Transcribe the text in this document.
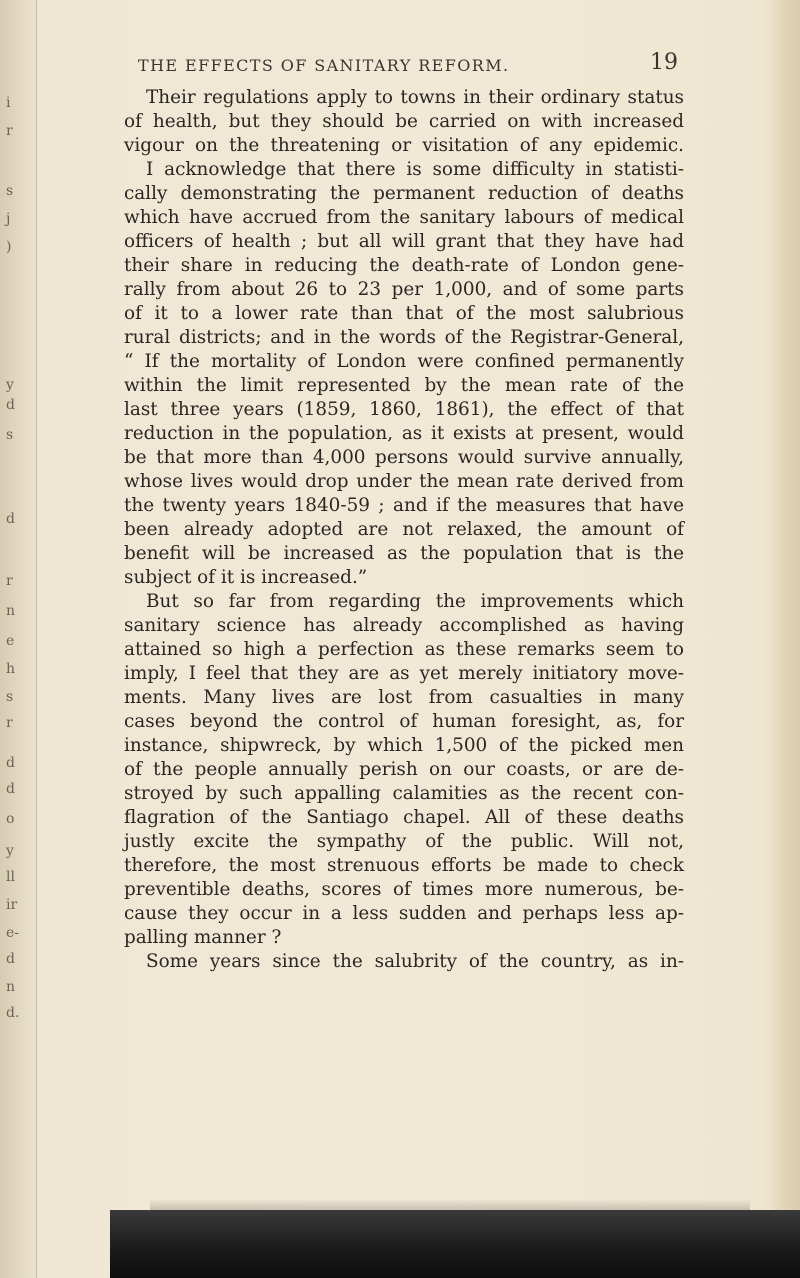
i
r
s
j
)
y
d
s
d
r
n
e
h
s
r
d
d
o
y
ll
ir
e-
d
n
d.
THE EFFECTS OF SANITARY REFORM.	19
Their regulations apply to towns in their ordinary status
of health, but they should be carried on with increased
vigour on the threatening or visitation of any epidemic.
I acknowledge that there is some difficulty in statisti-
cally demonstrating the permanent reduction of deaths
which have accrued from the sanitary labours of medical
officers of health ; but all will grant that they have had
their share in reducing the death-rate of London gene-
rally from about 26 to 23 per 1,000, and of some parts
of it to a lower rate than that of the most salubrious
rural districts; and in the words of the Registrar-General,
“ If the mortality of London were confined permanently
within the limit represented by the mean rate of the
last three years (1859, 1860, 1861), the effect of that
reduction in the population, as it exists at present, would
be that more than 4,000 persons would survive annually,
whose lives would drop under the mean rate derived from
the twenty years 1840-59 ; and if the measures that have
been already adopted are not relaxed, the amount of
benefit will be increased as the population that is the
subject of it is increased.”
But so far from regarding the improvements which
sanitary science has already accomplished as having
attained so high a perfection as these remarks seem to
imply, I feel that they are as yet merely initiatory move-
ments. Many lives are lost from casualties in many
cases beyond the control of human foresight, as, for
instance, shipwreck, by which 1,500 of the picked men
of the people annually perish on our coasts, or are de-
stroyed by such appalling calamities as the recent con-
flagration of the Santiago chapel. All of these deaths
justly excite the sympathy of the public. Will not,
therefore, the most strenuous efforts be made to check
preventible deaths, scores of times more numerous, be-
cause they occur in a less sudden and perhaps less ap-
palling manner ?
Some years since the salubrity of the country, as in-
